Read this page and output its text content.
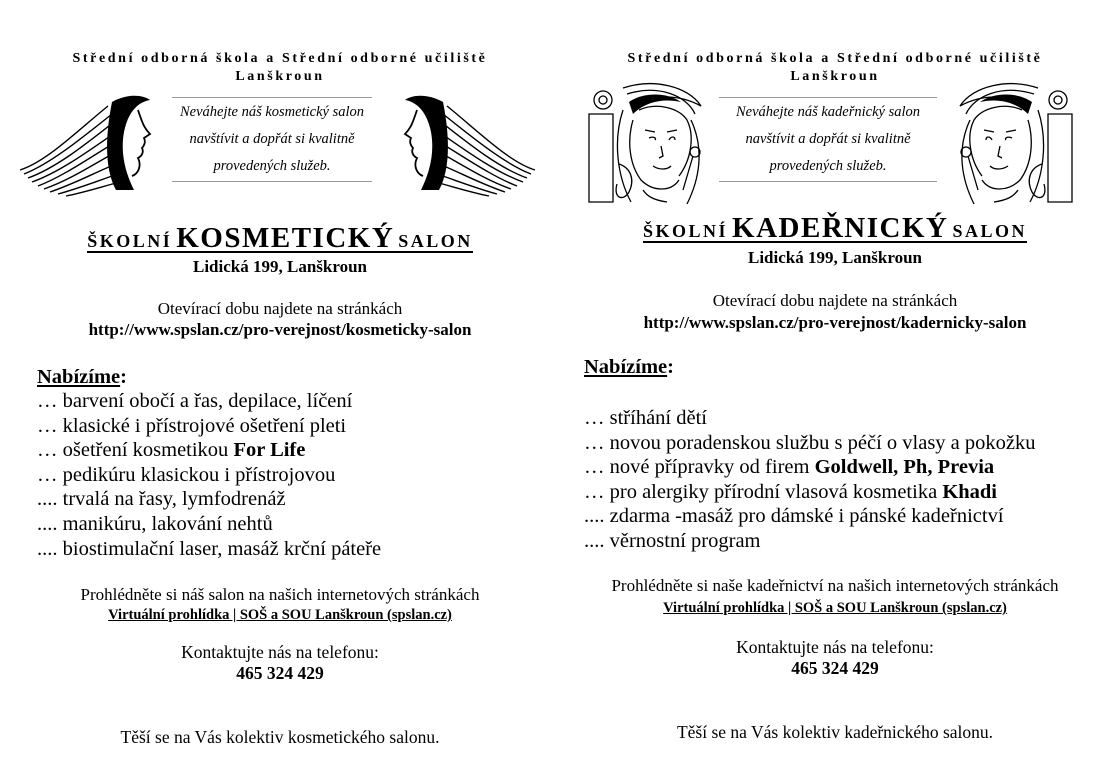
Střední odborná škola a Střední odborné učiliště
Lanškroun
Neváhejte náš kosmetický salon
navštívit a dopřát si kvalitně
provedených služeb.
ŠKOLNÍ KOSMETICKÝ SALON
Lidická 199, Lanškroun
Otevírací dobu najdete na stránkách
http://www.spslan.cz/pro-verejnost/kosmeticky-salon
Nabízíme:
… barvení obočí a řas, depilace, líčení
… klasické i přístrojové ošetření pleti
… ošetření kosmetikou For Life
… pedikúru klasickou i přístrojovou
.... trvalá na řasy, lymfodrenáž
.... manikúru, lakování nehtů
.... biostimulační laser, masáž krční páteře
Prohlédněte si náš salon na našich internetových stránkách
Virtuální prohlídka | SOŠ a SOU Lanškroun (spslan.cz)
Kontaktujte nás na telefonu:
465 324 429
Těší se na Vás kolektiv kosmetického salonu.
Střední odborná škola a Střední odborné učiliště
Lanškroun
Neváhejte náš kadeřnický salon
navštívit a dopřát si kvalitně
provedených služeb.
ŠKOLNÍ KADEŘNICKÝ SALON
Lidická 199, Lanškroun
Otevírací dobu najdete na stránkách
http://www.spslan.cz/pro-verejnost/kadernicky-salon
Nabízíme:
… stříhání dětí
… novou poradenskou službu s péčí o vlasy a pokožku
… nové přípravky od firem Goldwell, Ph, Previa
… pro alergiky přírodní vlasová kosmetika Khadi
.... zdarma -masáž pro dámské i pánské kadeřnictví
.... věrnostní program
Prohlédněte si naše kadeřnictví na našich internetových stránkách
Virtuální prohlídka | SOŠ a SOU Lanškroun (spslan.cz)
Kontaktujte nás na telefonu:
465 324 429
Těší se na Vás kolektiv kadeřnického salonu.
